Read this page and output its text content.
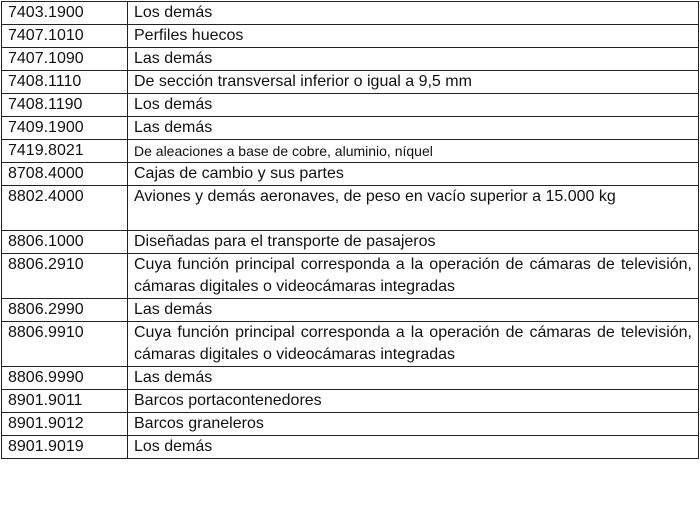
7403.1900	Los demás
7407.1010	Perfiles huecos
7407.1090	Las demás
7408.1110	De sección transversal inferior o igual a 9,5 mm
7408.1190	Los demás
7409.1900	Las demás
7419.8021	De aleaciones a base de cobre, aluminio, níquel
8708.4000	Cajas de cambio y sus partes
8802.4000	Aviones y demás aeronaves, de peso en vacío superior a 15.000 kg
8806.1000	Diseñadas para el transporte de pasajeros
8806.2910	Cuya función principal corresponda a la operación de cámaras de televisión, cámaras digitales o videocámaras integradas
8806.2990	Las demás
8806.9910	Cuya función principal corresponda a la operación de cámaras de televisión, cámaras digitales o videocámaras integradas
8806.9990	Las demás
8901.9011	Barcos portacontenedores
8901.9012	Barcos graneleros
8901.9019	Los demás
